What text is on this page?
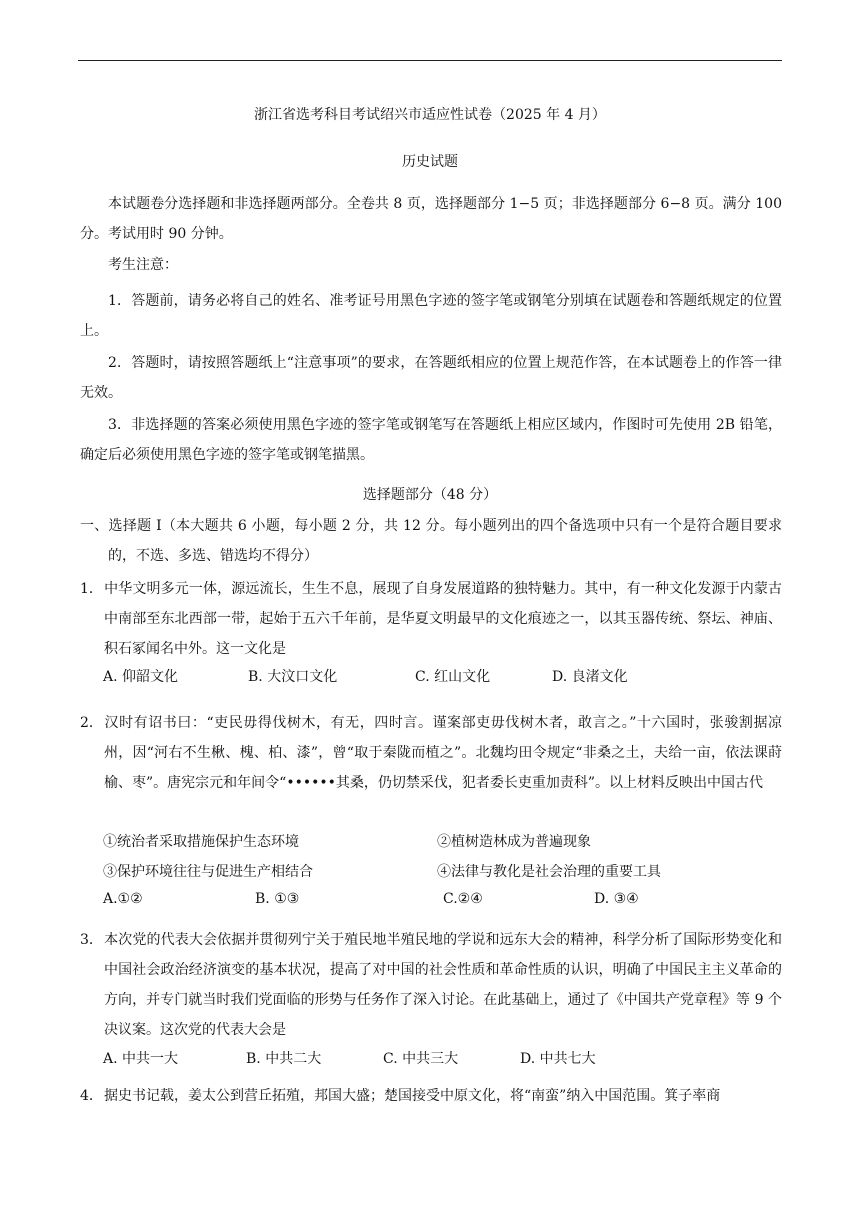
浙江省选考科目考试绍兴市适应性试卷（2025 年 4 月）
历史试题
本试题卷分选择题和非选择题两部分。全卷共 8 页，选择题部分 1−5 页；非选择题部分 6−8 页。满分 100 分。考试用时 90 分钟。
考生注意：
1．答题前，请务必将自己的姓名、准考证号用黑色字迹的签字笔或钢笔分别填在试题卷和答题纸规定的位置上。
2．答题时，请按照答题纸上“注意事项”的要求，在答题纸相应的位置上规范作答，在本试题卷上的作答一律无效。
3．非选择题的答案必须使用黑色字迹的签字笔或钢笔写在答题纸上相应区域内，作图时可先使用 2B 铅笔，确定后必须使用黑色字迹的签字笔或钢笔描黑。
选择题部分（48 分）
一、选择题 I（本大题共 6 小题，每小题 2 分，共 12 分。每小题列出的四个备选项中只有一个是符合题目要求的，不选、多选、错选均不得分）
1．中华文明多元一体，源远流长，生生不息，展现了自身发展道路的独特魅力。其中，有一种文化发源于内蒙古中南部至东北西部一带，起始于五六千年前，是华夏文明最早的文化痕迹之一，以其玉器传统、祭坛、神庙、积石冢闻名中外。这一文化是
A. 仰韶文化	B. 大汶口文化	C. 红山文化	D. 良渚文化
2．汉时有诏书曰：“吏民毋得伐树木，有无，四时言。谨案部吏毋伐树木者，敢言之。”十六国时，张骏割据凉州，因“河右不生楸、槐、柏、漆”，曾“取于秦陇而植之”。北魏均田令规定“非桑之土，夫给一亩，依法课莳榆、枣”。唐宪宗元和年间令“••••••其桑，仍切禁采伐，犯者委长吏重加责科”。以上材料反映出中国古代
①统治者采取措施保护生态环境	②植树造林成为普遍现象
③保护环境往往与促进生产相结合	④法律与教化是社会治理的重要工具
A.①②	B. ①③	C.②④	D. ③④
3．本次党的代表大会依据并贯彻列宁关于殖民地半殖民地的学说和远东大会的精神，科学分析了国际形势变化和中国社会政治经济演变的基本状况，提高了对中国的社会性质和革命性质的认识，明确了中国民主主义革命的方向，并专门就当时我们党面临的形势与任务作了深入讨论。在此基础上，通过了《中国共产党章程》等 9 个决议案。这次党的代表大会是
A. 中共一大	B. 中共二大	C. 中共三大	D. 中共七大
4．据史书记载，姜太公到营丘拓殖，邦国大盛；楚国接受中原文化，将“南蛮”纳入中国范围。箕子率商
